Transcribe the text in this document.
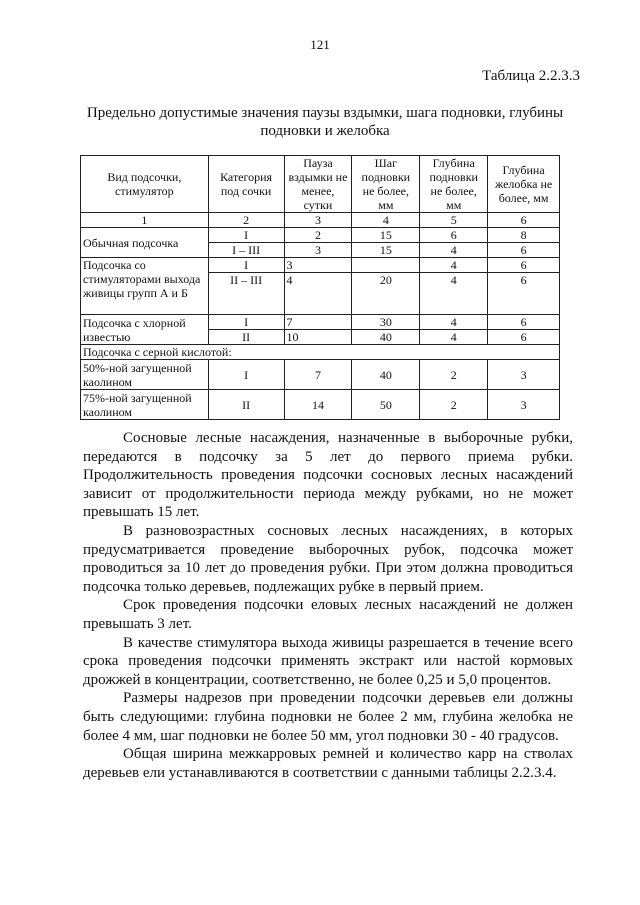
121
Таблица 2.2.3.3
Предельно допустимые значения паузы вздымки, шага подновки, глубины подновки и желобка
Вид подсочки, стимулятор	Категория под сочки	Пауза вздымки не менее, сутки	Шаг подновки не более, мм	Глубина подновки не более, мм	Глубина желобка не более, мм
1	2	3	4	5	6
Обычная подсочка	I	2	15	6	8
	I – III	3	15	4	6
Подсочка со стимуляторами выхода живицы групп А и Б	I	3		4	6
	II – III	4	20	4	6
Подсочка с хлорной известью	I	7	30	4	6
	II	10	40	4	6
Подсочка с серной кислотой:					
50%-ной загущенной каолином	I	7	40	2	3
75%-ной загущенной каолином	II	14	50	2	3

Сосновые лесные насаждения, назначенные в выборочные рубки, передаются в подсочку за 5 лет до первого приема рубки. Продолжительность проведения подсочки сосновых лесных насаждений зависит от продолжительности периода между рубками, но не может превышать 15 лет.

В разновозрастных сосновых лесных насаждениях, в которых предусматривается проведение выборочных рубок, подсочка может проводиться за 10 лет до проведения рубки. При этом должна проводиться подсочка только деревьев, подлежащих рубке в первый прием.

Срок проведения подсочки еловых лесных насаждений не должен превышать 3 лет.

В качестве стимулятора выхода живицы разрешается в течение всего срока проведения подсочки применять экстракт или настой кормовых дрожжей в концентрации, соответственно, не более 0,25 и 5,0 процентов.

Размеры надрезов при проведении подсочки деревьев ели должны быть следующими: глубина подновки не более 2 мм, глубина желобка не более 4 мм, шаг подновки не более 50 мм, угол подновки 30 - 40 градусов.

Общая ширина межкарровых ремней и количество карр на стволах деревьев ели устанавливаются в соответствии с данными таблицы 2.2.3.4.
